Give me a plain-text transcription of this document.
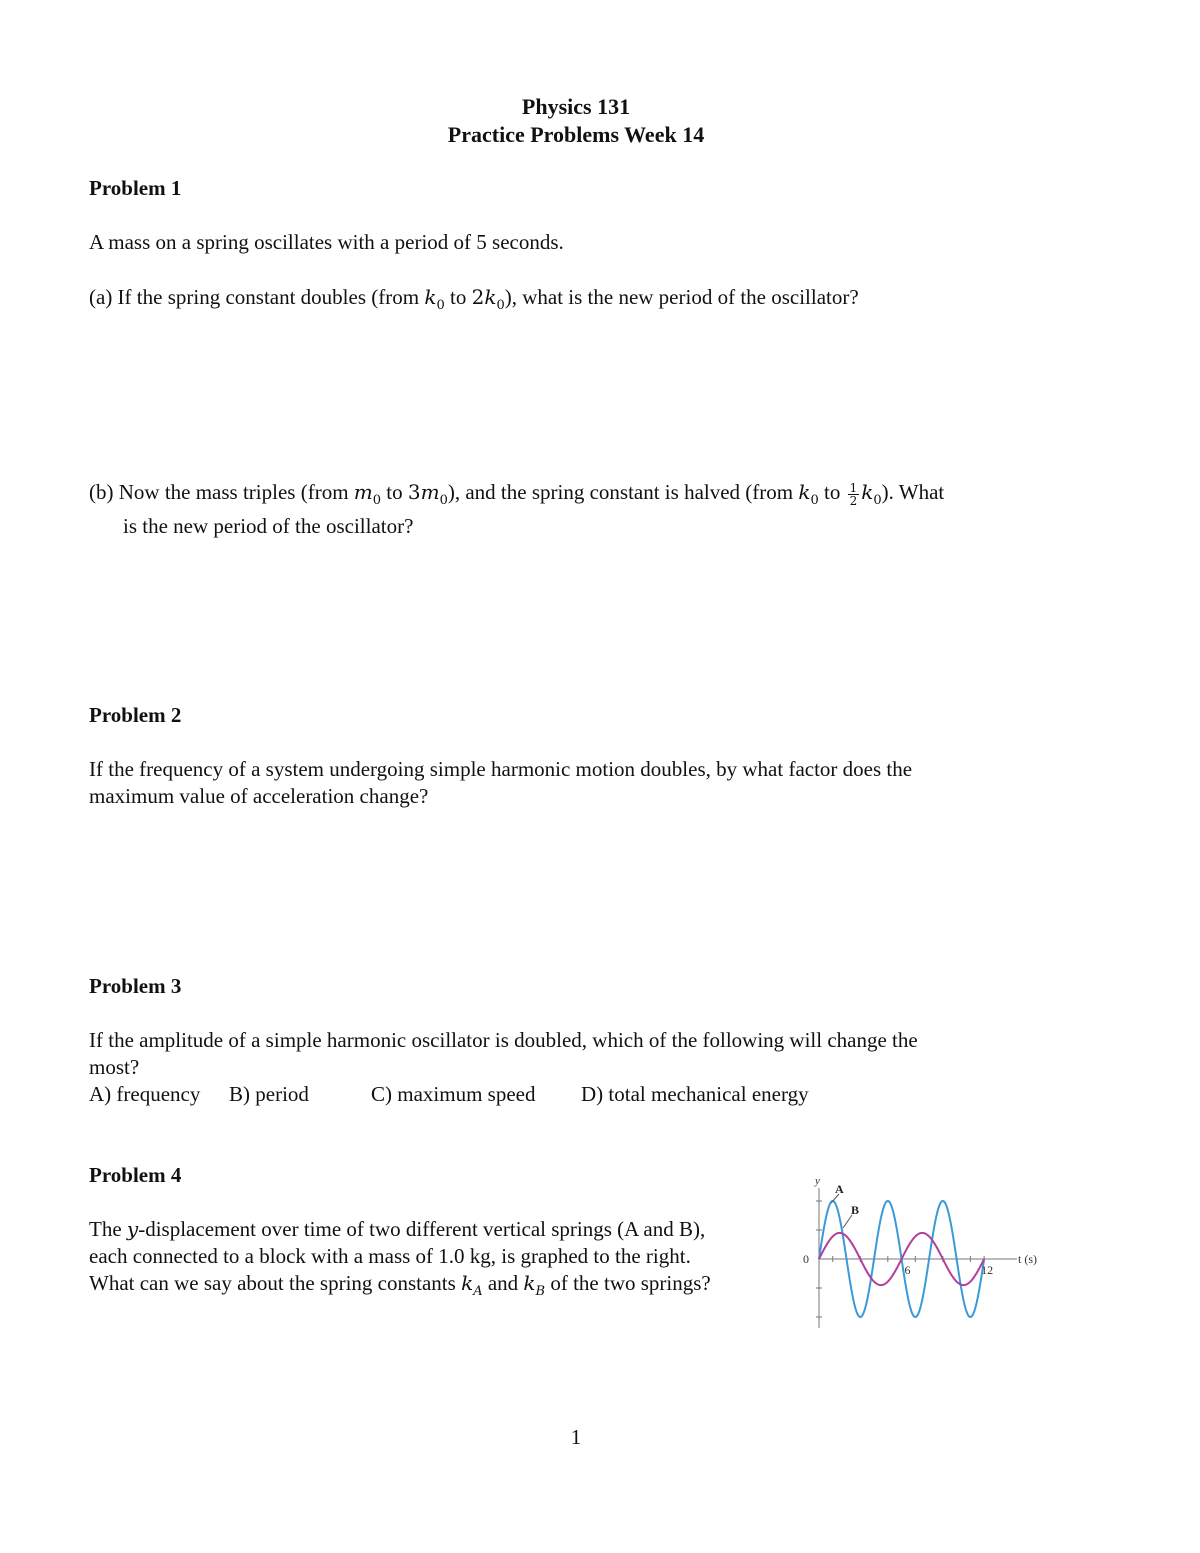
Physics 131
Practice Problems Week 14
Problem 1
A mass on a spring oscillates with a period of 5 seconds.
(a) If the spring constant doubles (from $k_0$ to $2k_0$), what is the new period of the oscillator?
(b) Now the mass triples (from $m_0$ to $3m_0$), and the spring constant is halved (from $k_0$ to $\frac{1}{2} k_0$). What
is the new period of the oscillator?
Problem 2
If the frequency of a system undergoing simple harmonic motion doubles, by what factor does the
maximum value of acceleration change?
Problem 3
If the amplitude of a simple harmonic oscillator is doubled, which of the following will change the
most?
A) frequency B) period	C) maximum speed D) total mechanical energy
Problem 4
The y-displacement over time of two different vertical springs (A and B),
each connected to a block with a mass of 1.0 kg, is graphed to the right.
What can we say about the spring constants $k_A$ and $k_B$ of the two springs?
A
B
y
0	t (s)
6	12
1
